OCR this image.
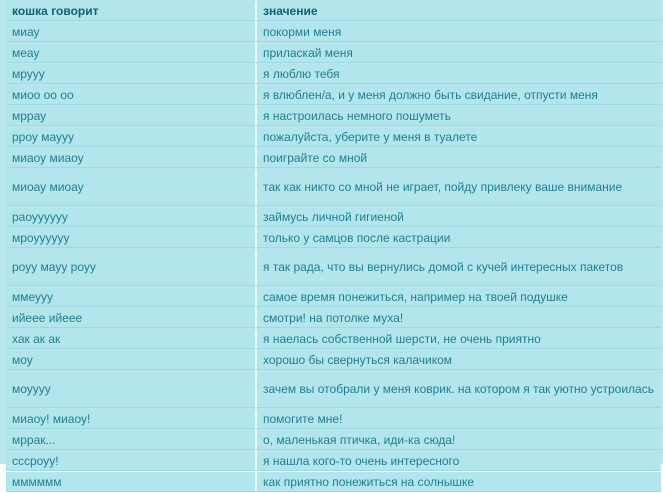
кошка говорит	значение
миау	покорми меня
меау	приласкай меня
мрууу	я люблю тебя
миоо оо оо	я влюблен/а, и у меня должно быть свидание, отпусти меня
мррау	я настроилась немного пошуметь
рроу маууу	пожалуйста, уберите у меня в туалете
миаоу миаоу	поиграйте со мной
миоау миоау	так как никто со мной не играет, пойду привлеку ваше внимание
раоуууууу	займусь личной гигиеной
мроуууууу	только у самцов после кастрации
роуу мауу роуу	я так рада, что вы вернулись домой с кучей интересных пакетов
ммеууу	самое время понежиться, например на твоей подушке
ийеее ийеее	смотри! на потолке муха!
хак ак ак	я наелась собственной шерсти, не очень приятно
моу	хорошо бы свернуться калачиком
моуууу	зачем вы отобрали у меня коврик. на котором я так уютно устроилась
миаоу! миаоу!	помогите мне!
мррак...	о, маленькая птичка, иди-ка сюда!
сссроуу!	я нашла кого-то очень интересного
мммммм	как приятно понежиться на солнышке
